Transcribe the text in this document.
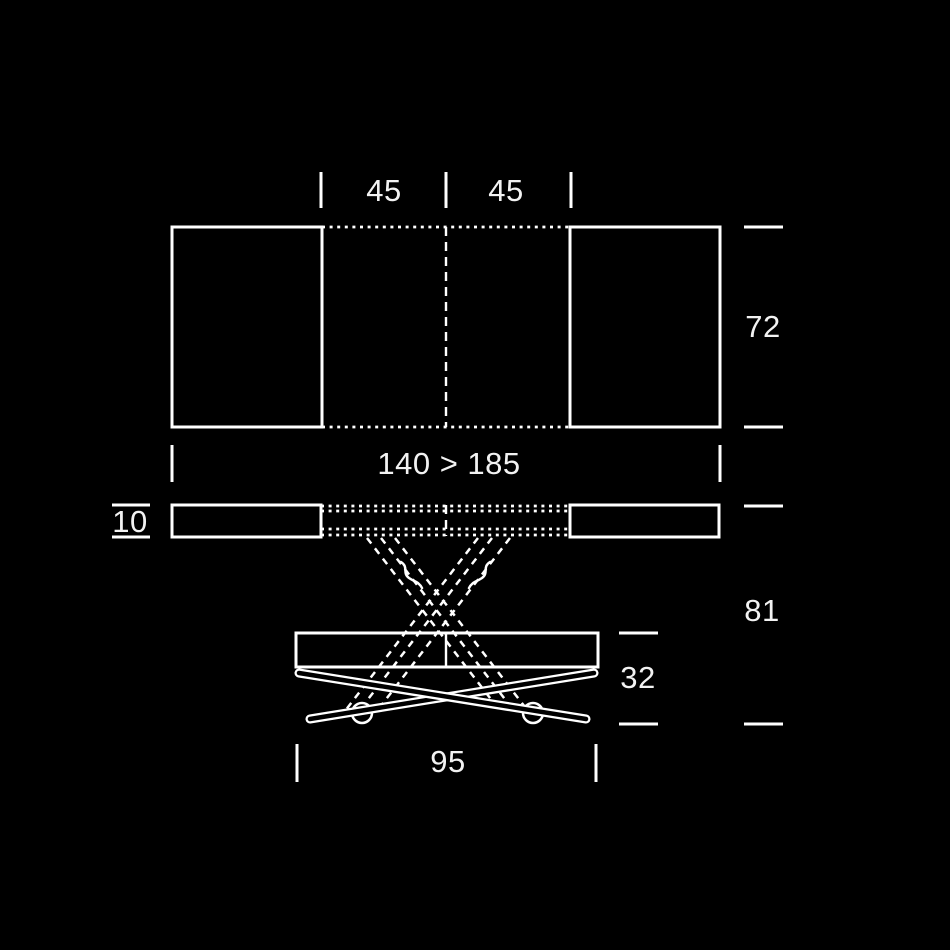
45	45
72
140 > 185
10
81
32
95
